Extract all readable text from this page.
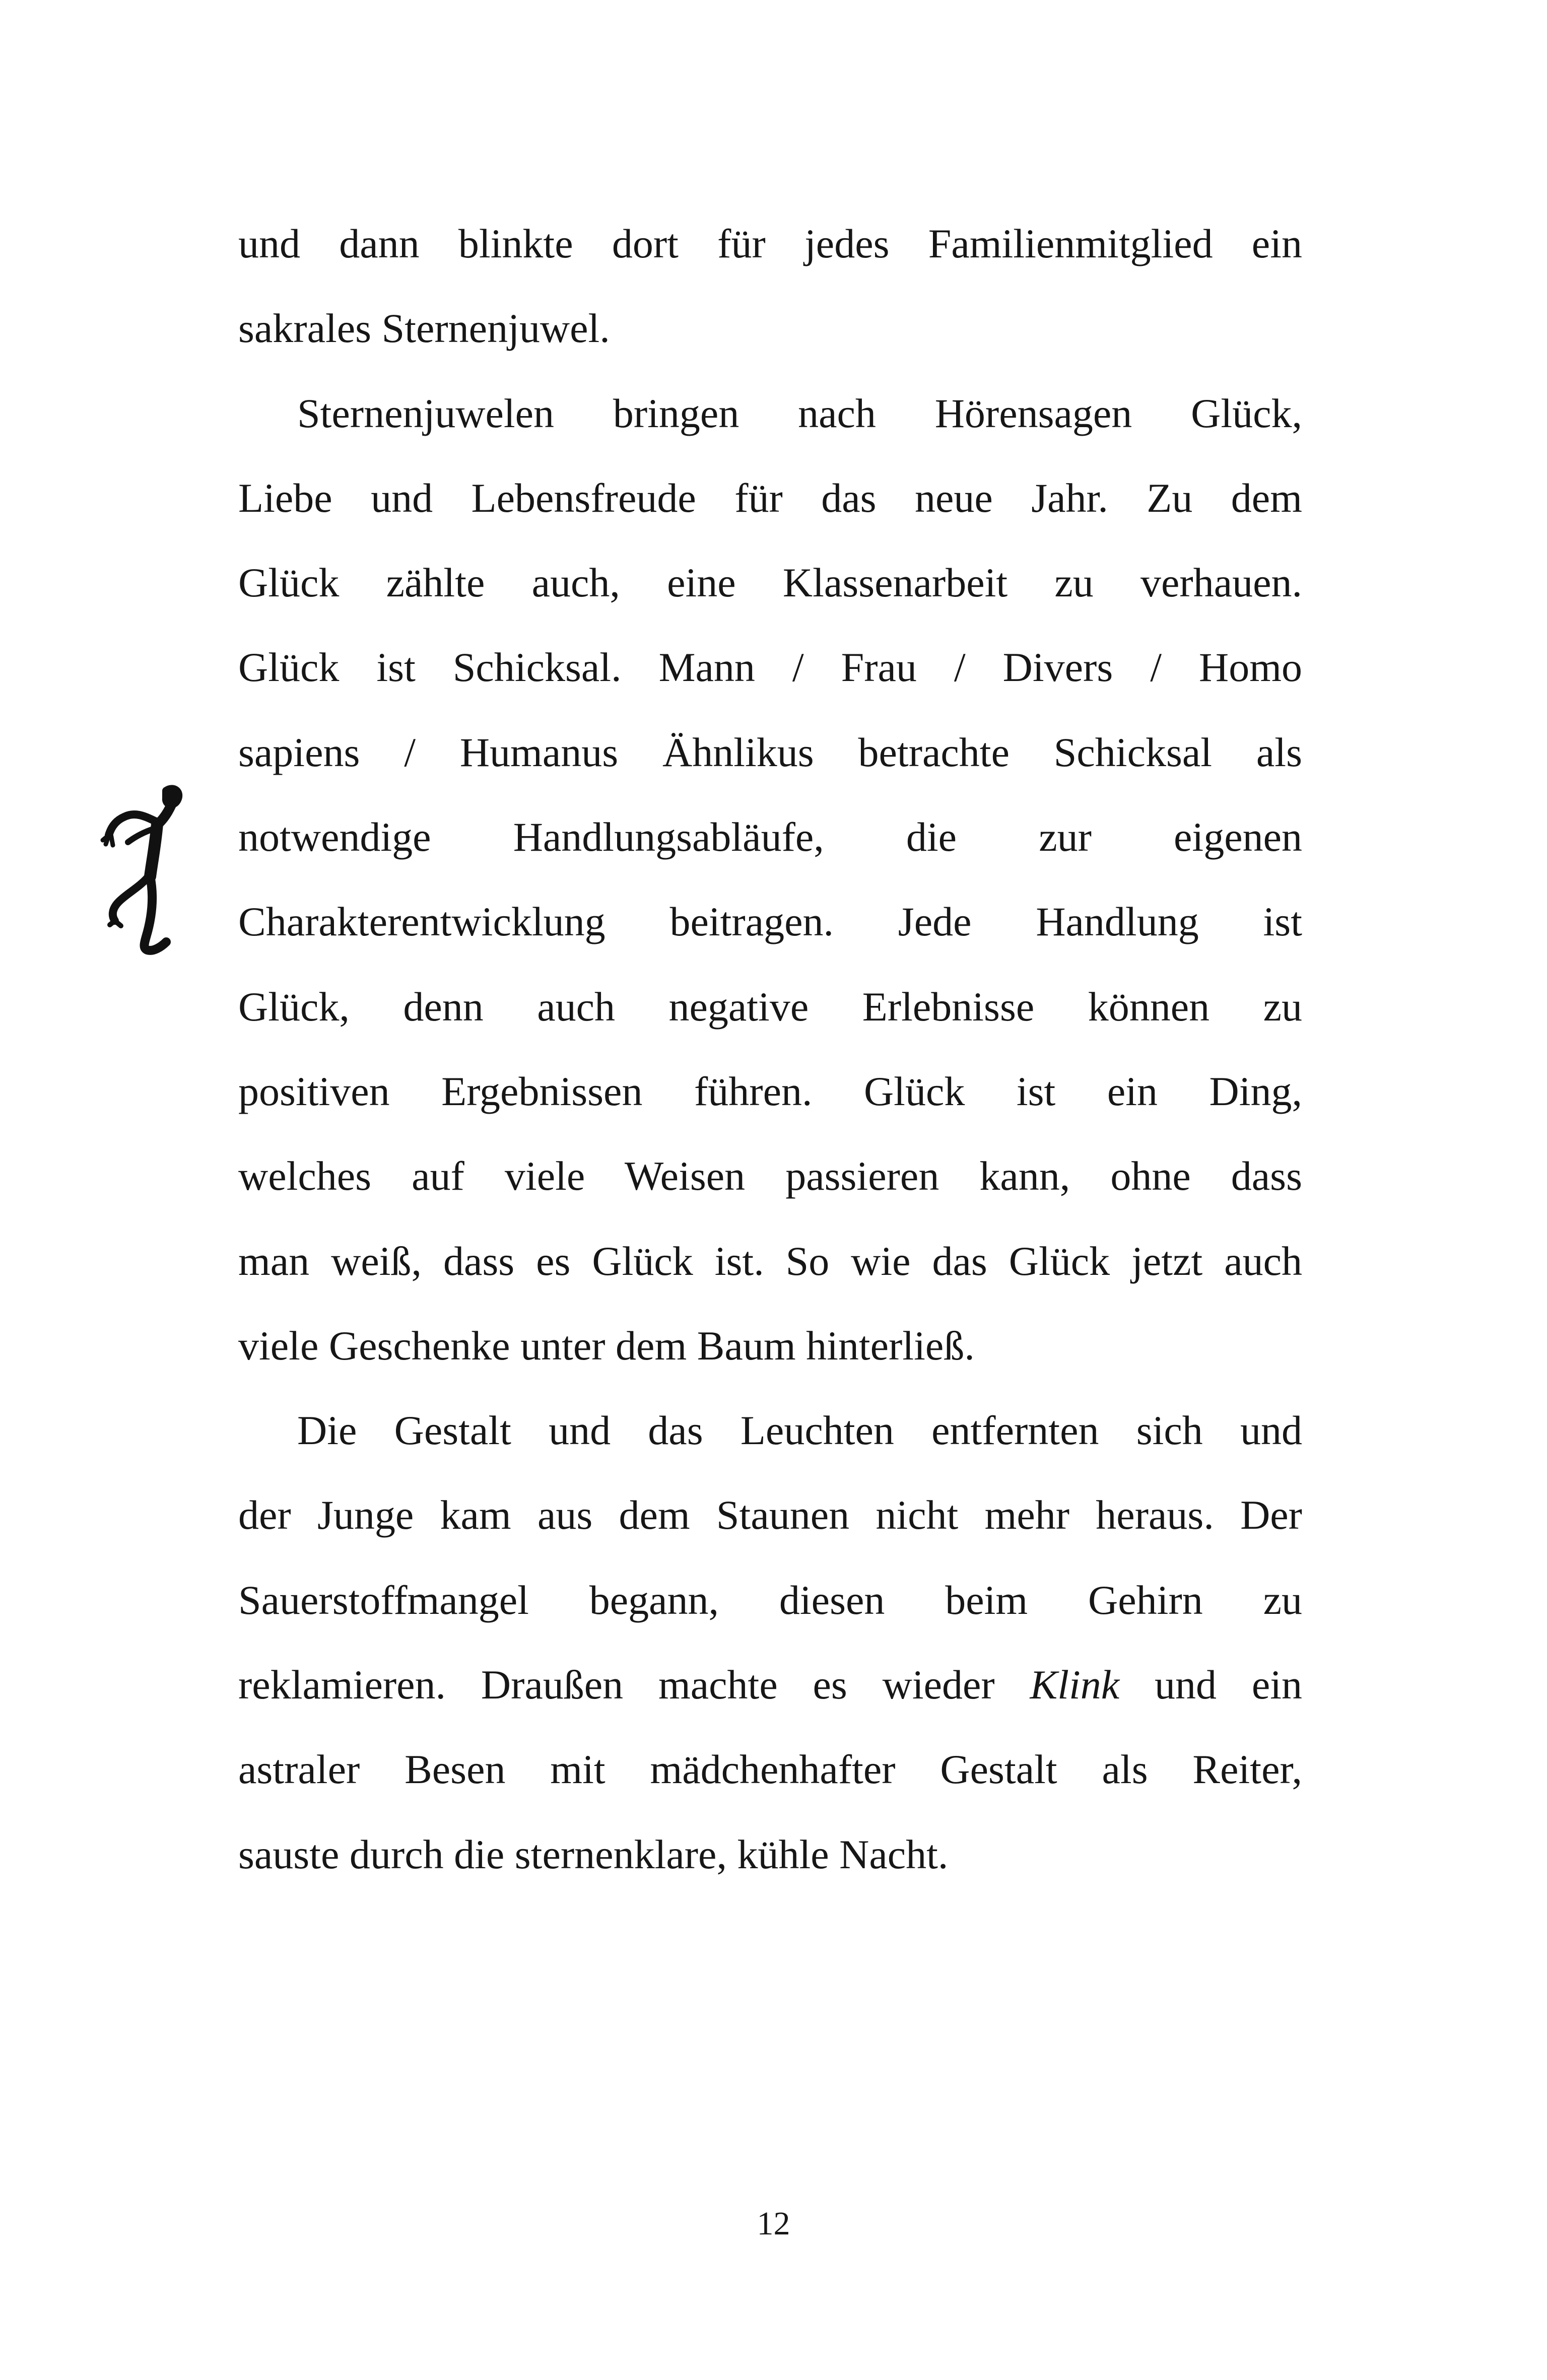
und dann blinkte dort für jedes Familienmitglied ein
sakrales Sternenjuwel.
Sternenjuwelen bringen nach Hörensagen Glück,
Liebe und Lebensfreude für das neue Jahr. Zu dem
Glück zählte auch, eine Klassenarbeit zu verhauen.
Glück ist Schicksal. Mann / Frau / Divers / Homo
sapiens / Humanus Ähnlikus betrachte Schicksal als
notwendige Handlungsabläufe, die zur eigenen
Charakterentwicklung beitragen. Jede Handlung ist
Glück, denn auch negative Erlebnisse können zu
positiven Ergebnissen führen. Glück ist ein Ding,
welches auf viele Weisen passieren kann, ohne dass
man weiß, dass es Glück ist. So wie das Glück jetzt auch
viele Geschenke unter dem Baum hinterließ.
Die Gestalt und das Leuchten entfernten sich und
der Junge kam aus dem Staunen nicht mehr heraus. Der
Sauerstoffmangel begann, diesen beim Gehirn zu
reklamieren. Draußen machte es wieder Klink und ein
astraler Besen mit mädchenhafter Gestalt als Reiter,
sauste durch die sternenklare, kühle Nacht.
12
